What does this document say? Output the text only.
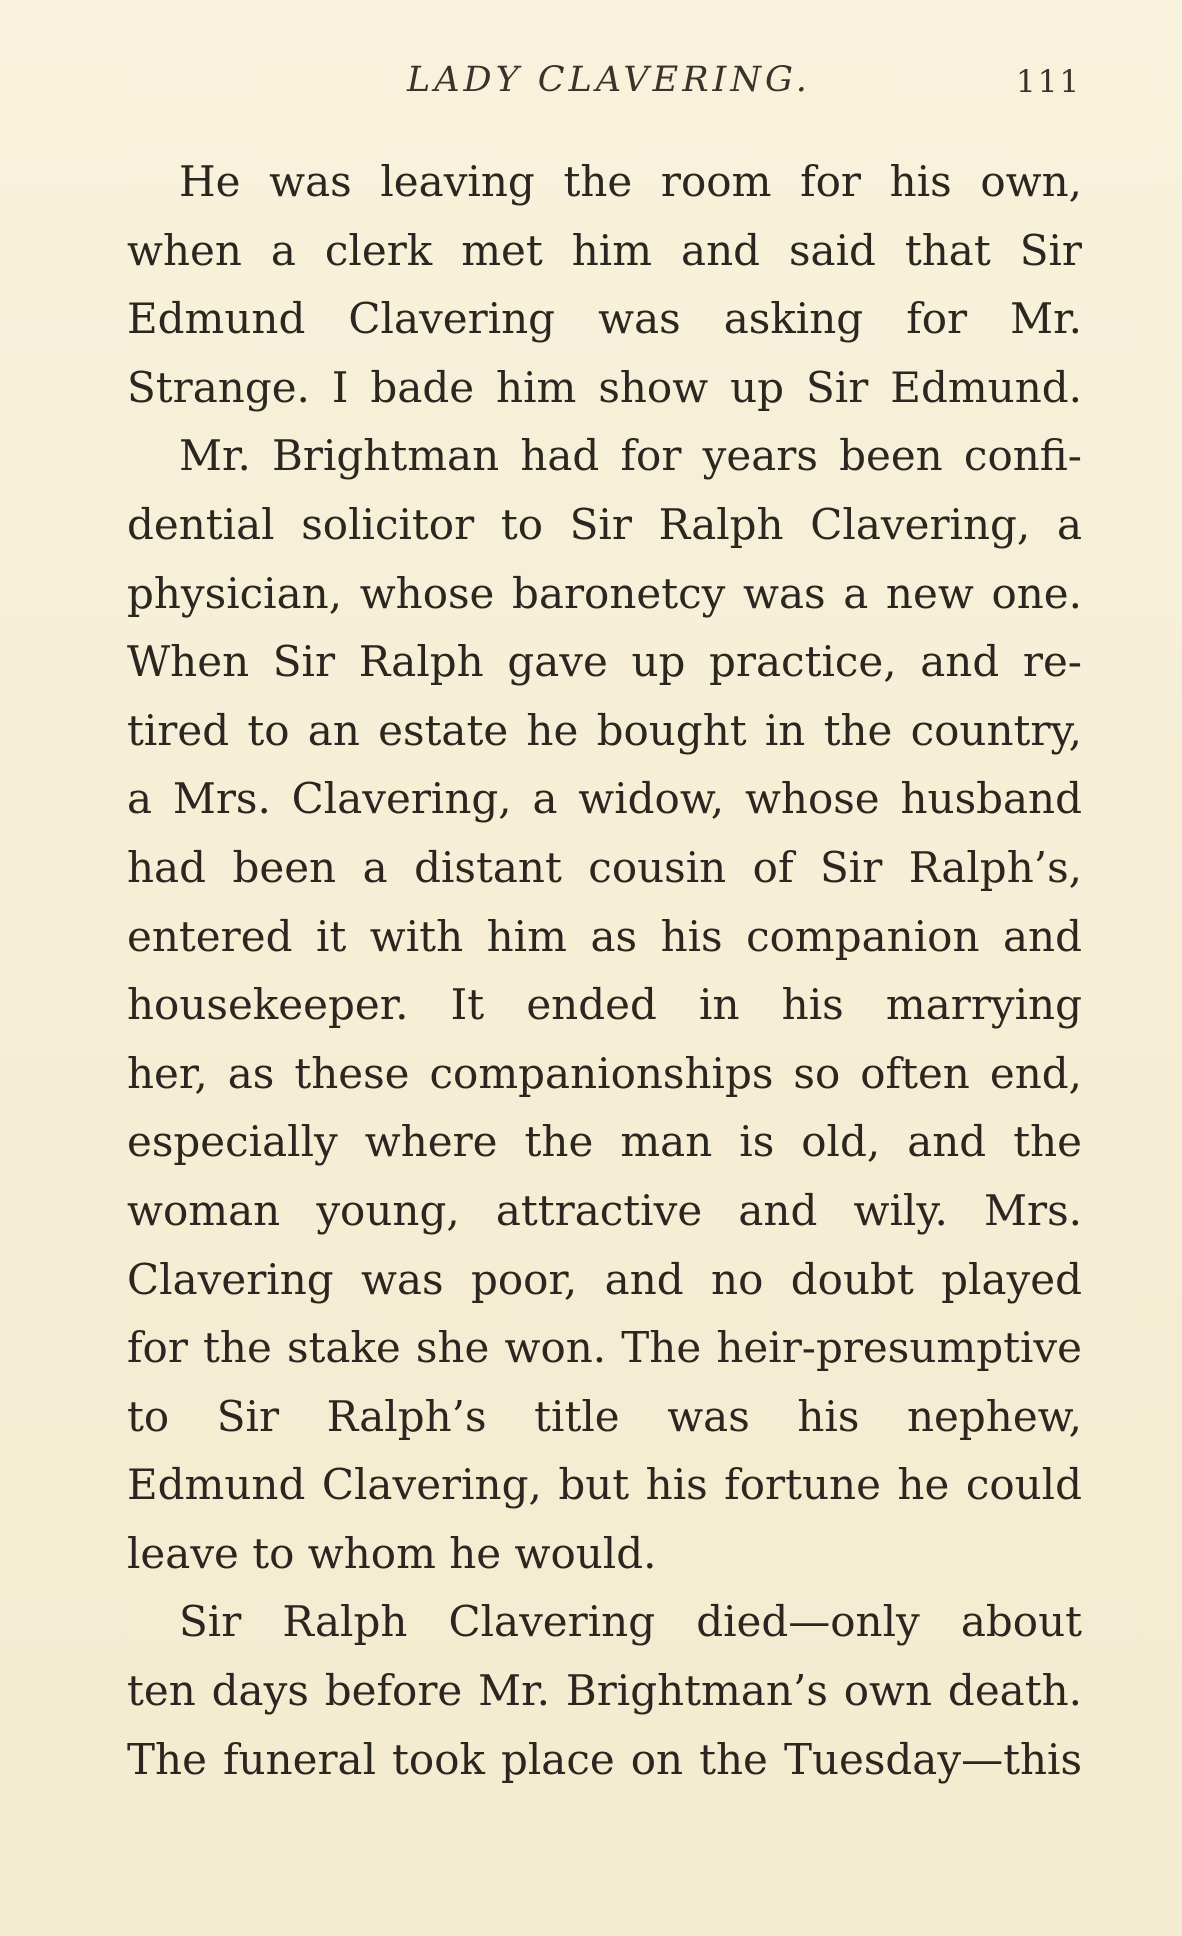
LADY CLAVERING.	111
He was leaving the room for his own,
when a clerk met him and said that Sir
Edmund Clavering was asking for Mr.
Strange. I bade him show up Sir Edmund.
Mr. Brightman had for years been confi-
dential solicitor to Sir Ralph Clavering, a
physician, whose baronetcy was a new one.
When Sir Ralph gave up practice, and re-
tired to an estate he bought in the country,
a Mrs. Clavering, a widow, whose husband
had been a distant cousin of Sir Ralph’s,
entered it with him as his companion and
housekeeper. It ended in his marrying
her, as these companionships so often end,
especially where the man is old, and the
woman young, attractive and wily. Mrs.
Clavering was poor, and no doubt played
for the stake she won. The heir-presumptive
to Sir Ralph’s title was his nephew,
Edmund Clavering, but his fortune he could
leave to whom he would.
Sir Ralph Clavering died—only about
ten days before Mr. Brightman’s own death.
The funeral took place on the Tuesday—this
